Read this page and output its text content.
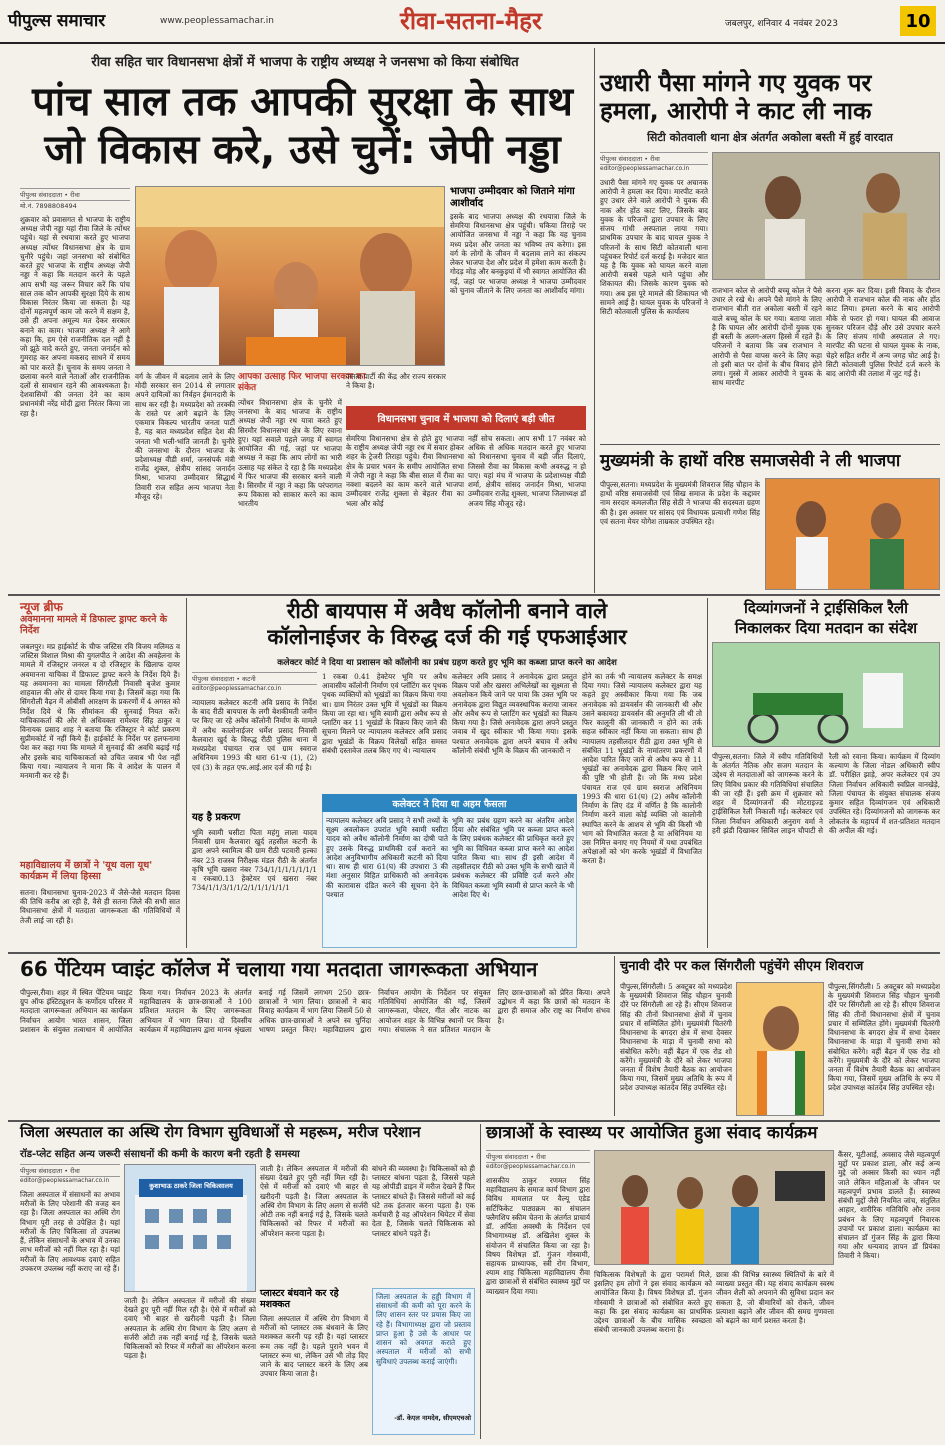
पीपुल्स समाचार	www.peoplessamachar.in	रीवा-सतना-मैहर	जबलपुर, शनिवार 4 नवंबर 2023	10
रीवा सहित चार विधानसभा क्षेत्रों में भाजपा के राष्ट्रीय अध्यक्ष ने जनसभा को किया संबोधित
पांच साल तक आपकी सुरक्षा के साथ
जो विकास करे, उसे चुनें: जेपी नड्डा
पीपुल्स संवाददाता • रीवा
मो.नं. 7898808494
शुक्रवार को प्रवासगत से भाजपा के राष्ट्रीय अध्यक्ष जेपी नड्डा यहां रीवा जिले के त्योंथर पहुंचे। यहां से रथयात्रा करते हुए भाजपा अध्यक्ष त्योंथर विधानसभा क्षेत्र के ग्राम चुनौरे पहुंचे। जहां जनसभा को संबोधित करते हुए भाजपा के राष्ट्रीय अध्यक्ष जेपी नड्डा ने कहा कि मतदान करने के पहले आप सभी यह जरूर विचार करें कि पांच साल तक कौन आपकी सुरक्षा दिये के साथ विकास निरंतर किया जा सकता है। यह दोनों महत्वपूर्ण काम जो करने में सक्षम है, उसे ही अपना अमूल्य मत देकर सरकार बनाने का काम। भाजपा अध्यक्ष ने आगे कहा कि, हम ऐसे राजनीतिक दल नहीं है जो झूठे वादे करते हुए, जनता जनार्दन को गुमराह कर अपना मकसद साधने में समय को पार करते हैं। चुनाव के समय जनता ने छलावा करने वाले नेताओं और राजनीतिक दलों से सावधान रहने की आवश्यकता है। देशवासियों की जनता देने का काम प्रधानमंत्री नरेंद्र मोदी द्वारा निरंतर किया जा रहा है।
वर्ग के जीवन में बदलाव लाने के लिए मोदी सरकार सन 2014 से लगातार अपने दायित्वों का निर्वहन ईमानदारी के साथ कर रही है। मध्यप्रदेश को तरक्की के रास्ते पर आगे बढ़ाने के लिए एकमात्र विकल्प भारतीय जनता पार्टी है, यह बात मध्यप्रदेश सहित देश की जनता भी भली-भांति जानती है। चुनौरे की जनसभा के दौरान भाजपा के प्रदेशाध्यक्ष वीडी शर्मा, जनसंपर्क मंत्री राजेंद्र शुक्ल, क्षेत्रीय सांसद जनार्दन मिश्रा, भाजपा उम्मीदवार सिद्धार्थ तिवारी राज सहित अन्य भाजपा नेता मौजूद रहे।
आपका उत्साह फिर भाजपा सरकार का संकेत
त्योंथर विधानसभा क्षेत्र के चुनौरे में जनसभा के बाद भाजपा के राष्ट्रीय अध्यक्ष जेपी नड्डा रथ यात्रा करते हुए सिरमौर विधानसभा क्षेत्र के लिए रवाना हुए। यहां सवाले पहले जगह में स्वागत आयोजित की गई, जहां पर भाजपा अध्यक्ष ने कहा कि आप लोगों का भारी उत्साह यह संकेत दे रहा है कि मध्यप्रदेश में फिर भाजपा की सरकार बनने वाली है। सिरमौर में नड्डा ने कहा कि परंपरागत रूप विकास को साकार करने का काम भारतीय
जनता पार्टी की केंद्र और राज्य सरकार ने किया है।
भाजपा उम्मीदवार को जिताने मांगा आशीर्वाद
इसके बाद भाजपा अध्यक्ष की रथयात्रा जिले के सेमरिया विधानसभा क्षेत्र पहुंची। चकिया तिराहे पर आयोजित जनसभा में नड्डा ने कहा कि यह चुनाव मध्य प्रदेश और जनता का भविष्य तय करेगा। इस वर्ग के लोगों के जीवन में बदलाव लाने का संकल्प लेकर भाजपा देश और प्रदेश में हमेशा काम करती है। गोदड़ मोड़ और बनकुइयां में भी स्वागत आयोजित की गई, जहां पर भाजपा अध्यक्ष ने भाजपा उम्मीदवार को चुनाव जीताने के लिए जनता का आशीर्वाद मांगा।
विधानसभा चुनाव में भाजपा को दिलाएं बड़ी जीत
सेमरिया विधानसभा क्षेत्र से होते हुए भाजपा के राष्ट्रीय अध्यक्ष जेपी नड्डा रथ में सवार होकर शहर के ट्रेजरी तिराहा पहुंचे। रीवा विधानसभा क्षेत्र के प्रचार भवन के समीप आयोजित सभा में जेपी नड्डा ने कहा कि बीस साल में रीवा का नक्शा बदलने का काम करने वाले भाजपा उम्मीदवार राजेंद्र शुक्ला से बेहतर रीवा का भला और कोई
नहीं सोच सकता। आप सभी 17 नवंबर को अधिक से अधिक मतदान करते हुए भाजपा को विधानसभा चुनाव में बड़ी जीत दिलाएं, जिससे रीवा का विकास कभी अवरुद्ध न हो पाए। यहां मंच में भाजपा के प्रदेशाध्यक्ष वीडी शर्मा, क्षेत्रीय सांसद जनार्दन मिश्रा, भाजपा उम्मीदवार राजेंद्र शुक्ला, भाजपा जिलाध्यक्ष डॉ अजय सिंह मौजूद रहे।
उधारी पैसा मांगने गए युवक पर
हमला, आरोपी ने काट ली नाक
सिटी कोतवाली थाना क्षेत्र अंतर्गत अकोला बस्ती में हुई वारदात
पीपुल्स संवाददाता • रीवा
editor@peoplessamachar.co.in
उधारी पैसा मांगने गए युवक पर अचानक आरोपी ने हमला कर दिया। मारपीट करते हुए उधार लेने वाले आरोपी ने युवक की नाक और होंठ काट लिए, जिसके बाद युवक के परिजनों द्वारा उपचार के लिए संजय गांधी अस्पताल लाया गया। प्राथमिक उपचार के बाद घायल युवक ने परिजनों के साथ सिटी कोतवाली थाना पहुंचकर रिपोर्ट दर्ज कराई है। मजेदार बात यह है कि युवक को घायल करने वाला आरोपी सबसे पहले थाने पहुंचा और शिकायत की। जिसके कारण युवक को गया। अब इस पूरे मामले की शिकायत भी सामने आई है। घायल युवक के परिजनों ने सिटी कोतवाली पुलिस के कार्यालय
राजभान कोल से आरोपी बच्चू कोल ने पैसे उधार ले रखे थे। अपने पैसे मांगने के लिए राजभान बीती रात अकोला बस्ती में रहने वाले बच्चू कोल के घर गया। बताया जाता है कि घायल और आरोपी दोनों युवक एक ही बस्ती के अलग-अलग हिस्से में रहते हैं। परिजनों ने बताया कि जब राजभान ने आरोपी से पैसा वापस करने के लिए कहा तो इसी बात पर दोनों के बीच विवाद होने लगा। गुस्से में आकर आरोपी ने युवक के साथ मारपीट
करना शुरू कर दिया। इसी विवाद के दौरान आरोपी ने राजभान कोल की नाक और होंठ काट लिया। हमला करने के बाद आरोपी मौके से फरार हो गया। घायल की आवाज सुनकर परिजन दौड़े और उसे उपचार करने के लिए संजय गांधी अस्पताल ले गए। मारपीट की घटना से घायल युवक के नाक, चेहरे सहित शरीर में अन्य जगह चोट आई है। सिटी कोतवाली पुलिस रिपोर्ट दर्ज करने के बाद आरोपी की तलाश में जुट गई है।
मुख्यमंत्री के हाथों वरिष्ठ समाजसेवी ने ली भाजपा
पीपुल्स,सतना। मध्यप्रदेश के मुख्यमंत्री शिवराज सिंह चौहान के हाथों वरिष्ठ समाजसेवी एवं सिख समाज के प्रदेश के कद्दावर नाम सरदार कमलजीत सिंह सेठी ने भाजपा की सदस्यता ग्रहण की है। इस अवसर पर सांसद एवं विधायक प्रत्याशी गणेश सिंह एवं सतना मेयर योगेश ताम्रकार उपस्थित रहे।
न्यूज ब्रीफ
अवमानना मामले में डिफाल्ट ड्राफ्ट करने के निर्देश
जबलपुर। मप्र हाईकोर्ट के चीफ जस्टिस रवि विजय मलिमठ व जस्टिस विशाल मिश्रा की युगलपीठ ने आदेश की अवहेलना के मामले में रजिस्ट्रार जनरल व दो रजिस्ट्रार के खिलाफ दायर अवमानना याचिका में डिफाल्ट ड्राफ्ट करने के निर्देश दिये हैं। यह अवमानना का मामला सिंगरौली निवासी बृजेश कुमार शाहवाल की ओर से दायर किया गया है। जिसमें कहा गया कि सिंगरौली वैढ़न में ओबीसी आरक्षण के प्रकरणों में 4 अगस्त को निर्देश दिये थे कि सीमांकन की सुनवाई नियत करें। याचिकाकर्ता की ओर से अधिवक्ता रामेश्वर सिंह ठाकुर व विनायक प्रसाद शाह ने बताया कि रजिस्ट्रार ने कोर्ट प्रकरण सुप्रीमकोर्ट में नहीं किये हैं। हाईकोर्ट के निर्देश पर हलफनामा पेश कर कहा गया कि मामले में सुनवाई की अवधि बढ़ाई गई और इसके बाद याचिकाकर्ता को उचित जवाब भी पेश नहीं किया गया। न्यायालय ने माना कि वे आदेश के पालन में मनमानी कर रहे हैं।
महाविद्यालय में छात्रों ने 'यूथ वला यूथ' कार्यक्रम में लिया हिस्सा
सतना। विधानसभा चुनाव-2023 में जैसे-जैसे मतदान दिवस की तिथि करीब आ रही है, वैसे ही सतना जिले की सभी सात विधानसभा क्षेत्रों में मतदाता जागरूकता की गतिविधियों में तेजी लाई जा रही है।
रीठी बायपास में अवैध कॉलोनी बनाने वाले
कॉलोनाईजर के विरुद्ध दर्ज की गई एफआईआर
कलेक्टर कोर्ट ने दिया था प्रशासन को कॉलोनी का प्रबंध ग्रहण करते हुए भूमि का कब्जा प्राप्त करने का आदेश
पीपुल्स संवाददाता • कटनी
editor@peoplessamachar.co.in
न्यायालय कलेक्टर कटनी अवि प्रसाद के निर्देश के बाद रीठी बायपास के लगी बेशकीमती जमीन पर किए जा रहे अवैध कॉलोनी निर्माण के मामले में अवैध कालोनाईजर धर्मेश प्रसाद निवासी कैलवारा खुर्द के विरुद्ध रीठी पुलिस थाना में मध्यप्रदेश पंचायत राज एवं ग्राम स्वराज अधिनियम 1993 की धारा 61-घ (1), (2) एवं (3) के तहत एफ.आई.आर दर्ज की गई है।
यह है प्रकरण
भूमि स्वामी घसीटा पिता महंगु लाला यादव निवासी ग्राम कैलवारा खुर्द तहसील कटनी के द्वारा अपने स्वामित्व की ग्राम रीठी पटवारी हल्का नंबर 23 राजस्व निरीक्षक मंडल रीठी के अंतर्गत कृषि भूमि खसरा नंबर 734/1/1/1/1/1/1/1 व रकबा0.13 हेक्टेयर एवं खसरा नंबर 734/1/1/3/1/1/2/1/1/1/1/1/1
1 रकबा 0.41 हेक्टेयर भूमि पर अवैध आवासीय कॉलोनी निर्माण एवं प्लॉटिंग कर पृथक पृथक व्यक्तियों को भूखंडों का विक्रय किया गया था। ग्राम निरंतर उक्त भूमि में भूखंडों का विक्रय किया जा रहा था। भूमि स्वामी द्वारा अवैध रूप से प्लाटिंग कर 11 भूखंडों के विक्रय किए जाने की सूचना मिलने पर न्यायालय कलेक्टर अवि प्रसाद द्वारा भूखंडों के विक्रय विलेखों सहित समस्त संबंधी दस्तावेज तलब किए गए थे। न्यायालय
कलेक्टर अवि प्रसाद ने अनावेदक द्वारा प्रस्तुत विक्रय पत्रों और खसरा अभिलेखों का सूक्ष्मता से अवलोकन किये जाने पर पाया कि उक्त भूमि पर अनावेदक द्वारा विद्युत व्यवस्थापिक कराया जाकर और अवैध रूप से प्लाटिंग कर भूखंडों का विक्रय किया गया है। जिसे अनावेदक द्वारा अपने प्रस्तुत जवाब में खुद स्वीकार भी किया गया। इसके पश्चात अनावेदक द्वारा अपने बचाव में अवैध कॉलोनी संबंधी भूमि के विक्रय की जानकारी न
होने का तर्क भी न्यायालय कलेक्टर के समक्ष दिया गया। जिसे न्यायालय कलेक्टर द्वारा यह कहते हुए अस्वीकार किया गया कि जब अनावेदक को डायवर्सन की जानकारी थी और उसने बकायदा डायवर्सन की अनुमति ली थी तो फिर कालूनी की जानकारी न होने का तर्क सहज स्वीकार नहीं किया जा सकता। साथ ही न्यायालय तहसीलदार रीठी द्वारा उक्त भूमि से संबंधित 11 भूखंडों के नामांतरण प्रकरणों में आदेश पारित किए जाने से अवैध रूप से 11 भूखंडों का अनावेदक द्वारा विक्रय किए जाने की पुष्टि भी होती है। जो कि मध्य प्रदेश पंचायत राज एवं ग्राम स्वराज अधिनियम 1993 की धारा 61(घ) (2) अवैध कॉलोनी निर्माण के लिए दंड में वर्णित है कि कालोनी निर्माण करने वाला कोई व्यक्ति जो कालोनी स्थापित करने के आशय से भूमि की किसी भी भाग को विभाजित करता है या अधिनियम या उस निमित्त बनाए गए नियमों में यथा उपबंधित अपेक्षाओं को भंग करके भूखंडों में विभाजित करता है।
कलेक्टर ने दिया था अहम फैसला
न्यायालय कलेक्टर अवि प्रसाद ने सभी तथ्यों के सूक्ष्म अवलोकन उपरांत भूमि स्वामी घसीटा यादव को अवैध कॉलोनी निर्माण का दोषी पाते हुए उसके विरुद्ध प्राथमिकी दर्ज कराने का आदेश अनुविभागीय अधिकारी कटनी को दिया था। साथ ही धारा 61(घ) की उपधारा 3 की मंशा अनुसार विहित प्राधिकारी को अनावेदक की कारावास दंडित करने की सूचना देने के पश्चात
भूमि का प्रबंध ग्रहण करने का अंतरिम आदेश दिया और संबंधित भूमि पर कब्जा प्राप्त करने के लिए प्रबंधक कलेक्टर की प्राधिकृत करते हुए भूमि का विधिवत कब्जा प्राप्त करने का आदेश पारित किया था। साथ ही इसी आदेश में तहसीलदार रीठी को उक्त भूमि के सभी खाते में प्रबंधक कलेक्टर की प्रविष्टि दर्ज करने और विधिवत कब्जा भूमि स्वामी से प्राप्त करने के भी आदेश दिए थे।
दिव्यांगजनों ने ट्राईसिकिल रैली
निकालकर दिया मतदान का संदेश
पीपुल्स,सतना। जिले में स्वीप गतिविधियों के अंतर्गत नैतिक और सजग मतदान के उद्देश्य से मतदाताओं को जागरूक करने के लिए विविध प्रकार की गतिविधियां संचालित की जा रही हैं। इसी क्रम में शुक्रवार को शहर में दिव्यांगजनों की मोटराइज्ड ट्राईसिकिल रैली निकाली गई। कलेक्टर एवं जिला निर्वाचन अधिकारी अनुराग वर्मा ने हरी झंडी दिखाकर सिविल लाइन चौपाटी से रैली को रवाना किया। कार्यक्रम में दिव्यांग कल्याण के जिला नोडल अधिकारी स्वीप डॉ. परीक्षित झाड़े, अपर कलेक्टर एवं उप जिला निर्वाचन अधिकारी स्वप्निल वानखेड़े, जिला पंचायत के संयुक्त संचालक संजय कुमार सहित दिव्यांगजन एवं अधिकारी उपस्थित रहे। दिव्यांगजनों को जागरूक कर लोकतंत्र के महापर्व में शत-प्रतिशत मतदान की अपील की गई।
66 पेंटियम प्वाइंट कॉलेज में चलाया गया मतदाता जागरूकता अभियान
पीपुल्स,रीवा। शहर में स्थित पेंटियम प्वाइंट ग्रुप ऑफ इंस्टिट्यूशन के कर्णोदय परिसर में मतदाता जागरूकता अभियान का कार्यक्रम निर्वाचन आयोग भारत शासन, जिला प्रशासन के संयुक्त तत्वाधान में आयोजित किया गया। निर्वाचन 2023 के अंतर्गत महाविद्यालय के छात्र-छात्राओं ने 100 प्रतिशत मतदान के लिए जागरूकता अभियान में भाग लिया। दो दिवसीय कार्यक्रम में महाविद्यालय द्वारा मानव श्रृंखला बनाई गई जिसमें लगभग 250 छात्र-छात्राओं ने भाग लिया। छात्राओं ने बाद विवाह कार्यक्रम में भाग लिया जिसमें 50 से अधिक छात्र-छात्राओं ने अपने स्व चुनिंदा भाषण प्रस्तुत किए। महाविद्यालय द्वारा निर्वाचन आयोग के निर्देशन पर संयुक्त गतिविधियां आयोजित की गईं, जिसमें जागरूकता, पोस्टर, गीत और नाटक का आयोजन शहर के विभिन्न स्थानों पर किया गया। संचालक ने सत प्रतिशत मतदान के लिए छात्र-छात्राओं को प्रेरित किया। अपने उद्बोधन में कहा कि छात्रों को मतदान के द्वारा ही समाज और राष्ट्र का निर्माण संभव है।
चुनावी दौरे पर कल सिंगरौली पहुंचेंगे सीएम शिवराज
पीपुल्स,सिंगरौली। 5 अक्टूबर को मध्यप्रदेश के मुख्यमंत्री शिवराज सिंह चौहान चुनावी दौरे पर सिंगरौली आ रहे हैं। सीएम शिवराज सिंह की तीनों विधानसभा क्षेत्रों में चुनाव प्रचार में सम्मिलित होंगे। मुख्यमंत्री चितरंगी विधानसभा के बगदरा क्षेत्र में सभा देवसर विधानसभा के माड़ा में चुनावी सभा को संबोधित करेंगे। वहीं बैढ़न में एक रोड शो करेंगे। मुख्यमंत्री के दौरे को लेकर भाजपा जनता में विशेष तैयारी बैठक का आयोजन किया गया, जिसमें मुख्य अतिथि के रूप में प्रदेश उपाध्यक्ष कांतदेव सिंह उपस्थित रहे।
पीपुल्स,सिंगरौली। 5 अक्टूबर को मध्यप्रदेश के मुख्यमंत्री शिवराज सिंह चौहान चुनावी दौरे पर सिंगरौली आ रहे हैं। सीएम शिवराज सिंह की तीनों विधानसभा क्षेत्रों में चुनाव प्रचार में सम्मिलित होंगे। मुख्यमंत्री चितरंगी विधानसभा के बगदरा क्षेत्र में सभा देवसर विधानसभा के माड़ा में चुनावी सभा को संबोधित करेंगे। वहीं बैढ़न में एक रोड शो करेंगे। मुख्यमंत्री के दौरे को लेकर भाजपा जनता में विशेष तैयारी बैठक का आयोजन किया गया, जिसमें मुख्य अतिथि के रूप में प्रदेश उपाध्यक्ष कांतदेव सिंह उपस्थित रहे।
जिला अस्पताल का अस्थि रोग विभाग सुविधाओं से महरूम, मरीज परेशान
रॉड-प्लेट सहित अन्य जरूरी संसाधनों की कमी के कारण बनी रहती है समस्या
पीपुल्स संवाददाता • रीवा
editor@peoplessamachar.co.in
जिला अस्पताल में संसाधनों का अभाव मरीजों के लिए परेशानी की वजह बन रहा है। जिला अस्पताल का अस्थि रोग विभाग पूरी तरह से उपेक्षित है। यहां मरीजों के लिए चिकित्सा तो उपलब्ध हैं, लेकिन संसाधनों के अभाव में उनका लाभ मरीजों को नहीं मिल रहा है। यहां मरीजों के लिए आवश्यक दवाएं सहित उपकरण उपलब्ध नहीं कराए जा रहे हैं।
कुशाभाऊ ठाकरे जिला चिकित्सालय
जाती है। लेकिन अस्पताल में मरीजों की संख्या देखते हुए पूरी नहीं मिल रही है। ऐसे में मरीजों को दवाएं भी बाहर से खरीदनी पड़ती है। जिला अस्पताल के अस्थि रोग विभाग के लिए अलग से सर्जरी ओटी तक नहीं बनाई गई है, जिसके चलते चिकित्सकों को रिफर में मरीजों का ऑपरेशन करना पड़ता है।
जाती है। लेकिन अस्पताल में मरीजों की संख्या देखते हुए पूरी नहीं मिल रही है। ऐसे में मरीजों को दवाएं भी बाहर से खरीदनी पड़ती है। जिला अस्पताल के अस्थि रोग विभाग के लिए अलग से सर्जरी ओटी तक नहीं बनाई गई है, जिसके चलते चिकित्सकों को रिफर में मरीजों का ऑपरेशन करना पड़ता है।
प्लास्टर बंधवाने कर रहे मशक्कत
जिला अस्पताल में अस्थि रोग विभाग में मरीजों को प्लास्टर तक बंधवाने के लिए मशक्कत करनी पड़ रही है। यहां प्लास्टर रूम तक नहीं है। पहले पुराने भवन में प्लास्टर रूम था, लेकिन उसे भी तोड़ दिए जाने के बाद प्लास्टर करने के लिए अब उपचार किया जाता है।
बांधने की व्यवस्था है। चिकित्सकों को ही प्लास्टर बांधना पड़ता है, जिससे पहले यह ओपीडी डाइन में मरीज देखने हैं फिर प्लास्टर बांधते हैं। जिससे मरीजों को कई घंटे तक इंतजार करना पड़ता है। एक कर्मचारी है वह ऑपरेशन थियेटर में सेवा देता है, जिसके चलते चिकित्सक को प्लास्टर बांधने पड़ते हैं।
जिला अस्पताल के हड्डी विभाग में संसाधनों की कमी को पूरा करने के लिए शासन स्तर पर प्रयास किए जा रहे हैं। विभागाध्यक्ष द्वारा जो प्रस्ताव प्राप्त हुआ है उसे के आधार पर शासन को अवगत कराते हुए अस्पताल में मरीजों को सभी सुविधाएं उपलब्ध कराई जाएंगी।
-डॉ. केएल नामदेव, सीएमएचओ
छात्राओं के स्वास्थ्य पर आयोजित हुआ संवाद कार्यक्रम
पीपुल्स संवाददाता • रीवा
editor@peoplessamachar.co.in
शासकीय ठाकुर रणमत सिंह महाविद्यालय के समाज कार्य विभाग द्वारा विविध मामलात पर वैल्यू एडेड सर्टिफिकेट पाठ्यक्रम का संचालन फ्लैगशिप स्कीम चेतना के अंतर्गत प्राचार्य डॉ. अर्पिता अवस्थी के निर्देशन एवं विभागाध्यक्ष डॉ. अखिलेश शुक्ल के संयोजन में संचालित किया जा रहा है। विषय विशेषज्ञ डॉ. गुंजन गोस्वामी, सहायक प्राध्यापक, स्त्री रोग विभाग, श्याम शाह चिकित्सा महाविद्यालय रीवा द्वारा छात्राओं से संबंधित स्वास्थ्य मुद्दों पर व्याख्यान दिया गया।
चिकित्सक विशेषज्ञों के द्वारा परामर्श मिले, इसलिए हम लोगों ने इस संवाद कार्यक्रम को आयोजित किया है। विषय विशेषज्ञ डॉ. गुंजन गोस्वामी ने छात्राओं को संबोधित करते हुए कहा कि इस संवाद कार्यक्रम का प्राथमिक उद्देश्य छात्राओं के बीच मासिक स्वच्छता संबंधी जानकारी उपलब्ध कराना है।
छात्रा की विभिन्न स्वास्थ्य स्थितियों के बारे में व्याख्या प्रस्तुत की। यह संवाद कार्यक्रम स्वस्थ जीवन शैली को अपनाने की सुविधा प्रदान कर सकता है, जो बीमारियों को रोकने, जीवन प्रत्याशा बढ़ाने और जीवन की समग्र गुणवत्ता को बढ़ाने का मार्ग प्रशस्त करता है।
कैंसर, यूटीआई, अवसाद जैसे महत्वपूर्ण मुद्दों पर प्रकाश डाला, और कई अन्य मुद्दे जो अक्सर किसी का ध्यान नहीं जाते लेकिन महिलाओं के जीवन पर महत्वपूर्ण प्रभाव डालते हैं। स्वास्थ्य संबंधी मुद्दों जैसे नियमित जांच, संतुलित आहार, शारीरिक गतिविधि और तनाव प्रबंधन के लिए महत्वपूर्ण निवारक उपायों पर प्रकाश डाला। कार्यक्रम का संचालन डॉ गुंजन सिंह के द्वारा किया गया और धन्यवाद ज्ञापन डॉ प्रियंका तिवारी ने किया।
